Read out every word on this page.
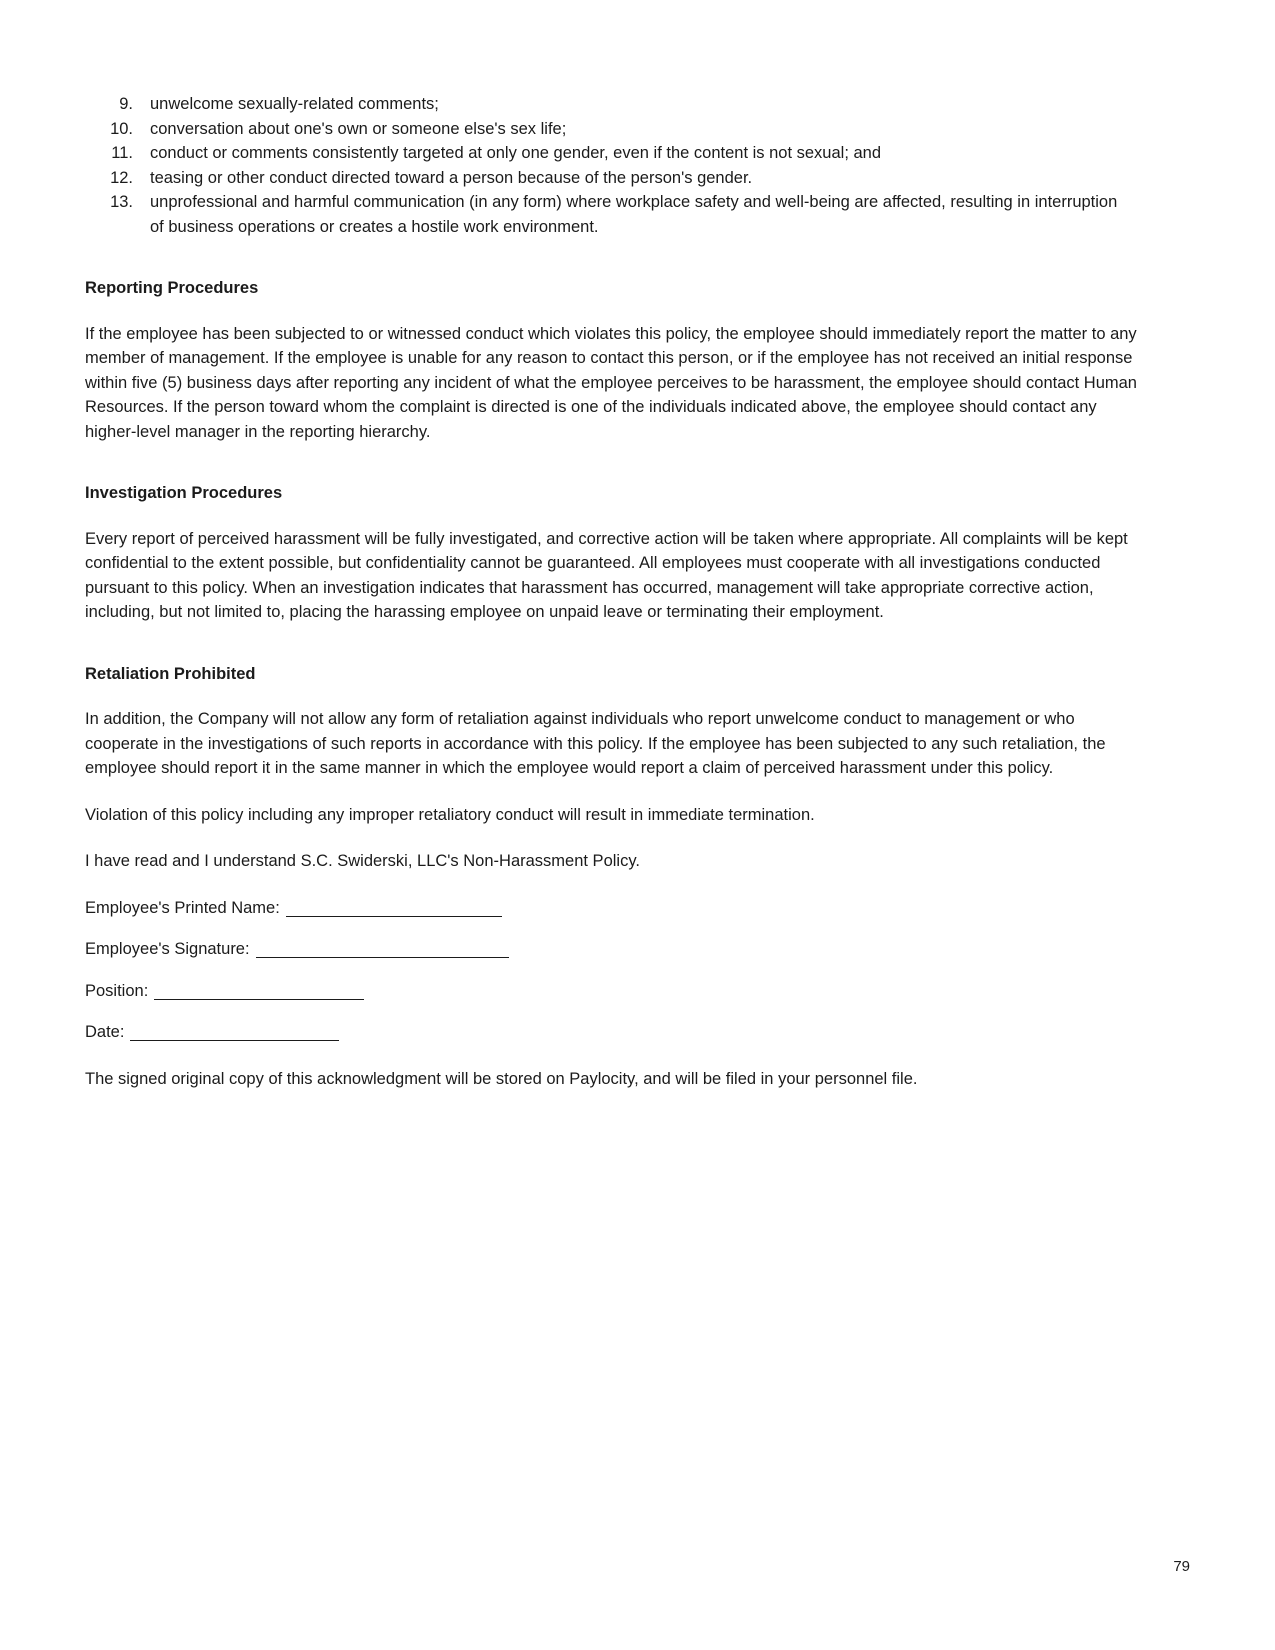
9. unwelcome sexually-related comments;
10. conversation about one's own or someone else's sex life;
11. conduct or comments consistently targeted at only one gender, even if the content is not sexual; and
12. teasing or other conduct directed toward a person because of the person's gender.
13. unprofessional and harmful communication (in any form) where workplace safety and well-being are affected, resulting in interruption of business operations or creates a hostile work environment.
Reporting Procedures

If the employee has been subjected to or witnessed conduct which violates this policy, the employee should immediately report the matter to any member of management. If the employee is unable for any reason to contact this person, or if the employee has not received an initial response within five (5) business days after reporting any incident of what the employee perceives to be harassment, the employee should contact Human Resources. If the person toward whom the complaint is directed is one of the individuals indicated above, the employee should contact any higher-level manager in the reporting hierarchy.

Investigation Procedures

Every report of perceived harassment will be fully investigated, and corrective action will be taken where appropriate. All complaints will be kept confidential to the extent possible, but confidentiality cannot be guaranteed. All employees must cooperate with all investigations conducted pursuant to this policy. When an investigation indicates that harassment has occurred, management will take appropriate corrective action, including, but not limited to, placing the harassing employee on unpaid leave or terminating their employment.

Retaliation Prohibited

In addition, the Company will not allow any form of retaliation against individuals who report unwelcome conduct to management or who cooperate in the investigations of such reports in accordance with this policy. If the employee has been subjected to any such retaliation, the employee should report it in the same manner in which the employee would report a claim of perceived harassment under this policy.

Violation of this policy including any improper retaliatory conduct will result in immediate termination.

I have read and I understand S.C. Swiderski, LLC's Non-Harassment Policy.

Employee's Printed Name:
Employee's Signature:
Position:
Date:

The signed original copy of this acknowledgment will be stored on Paylocity, and will be filed in your personnel file.

79
